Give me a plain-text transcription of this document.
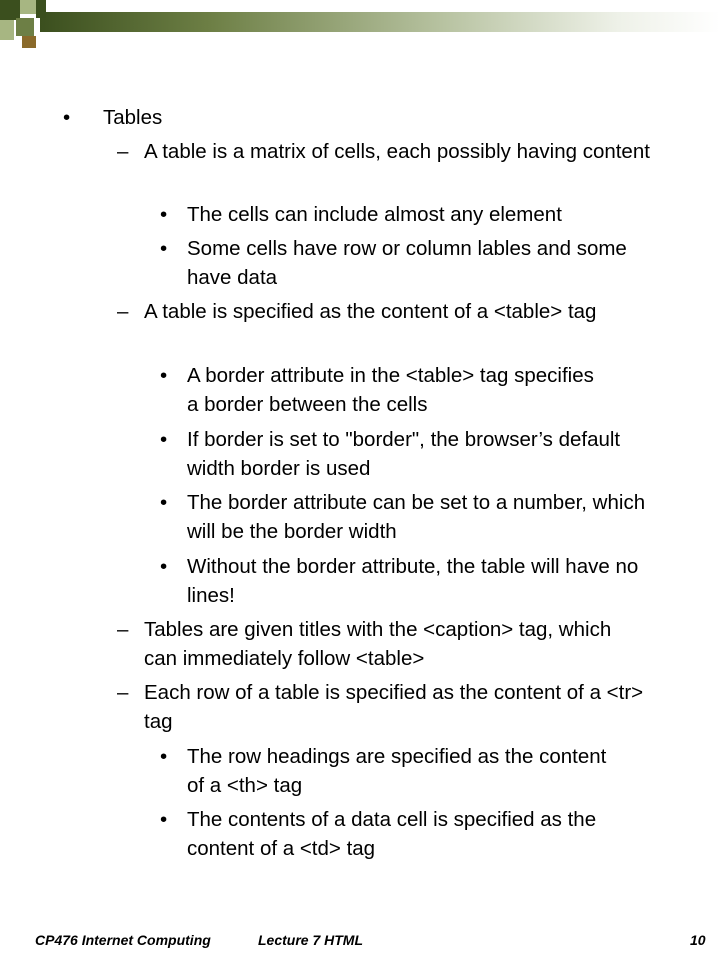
• Tables
– A table is a matrix of cells, each possibly having content
• The cells can include almost any element
• Some cells have row or column lables and some have data
– A table is specified as the content of a <table> tag
• A border attribute in the <table> tag specifies a border between the cells
• If border is set to "border", the browser’s default width border is used
• The border attribute can be set to a number, which will be the border width
• Without the border attribute, the table will have no lines!
– Tables are given titles with the <caption> tag, which can immediately follow <table>
– Each row of a table is specified as the content of a <tr> tag
• The row headings are specified as the content of a <th> tag
• The contents of a data cell is specified as the content of a <td> tag
CP476 Internet Computing	Lecture 7 HTML	10
